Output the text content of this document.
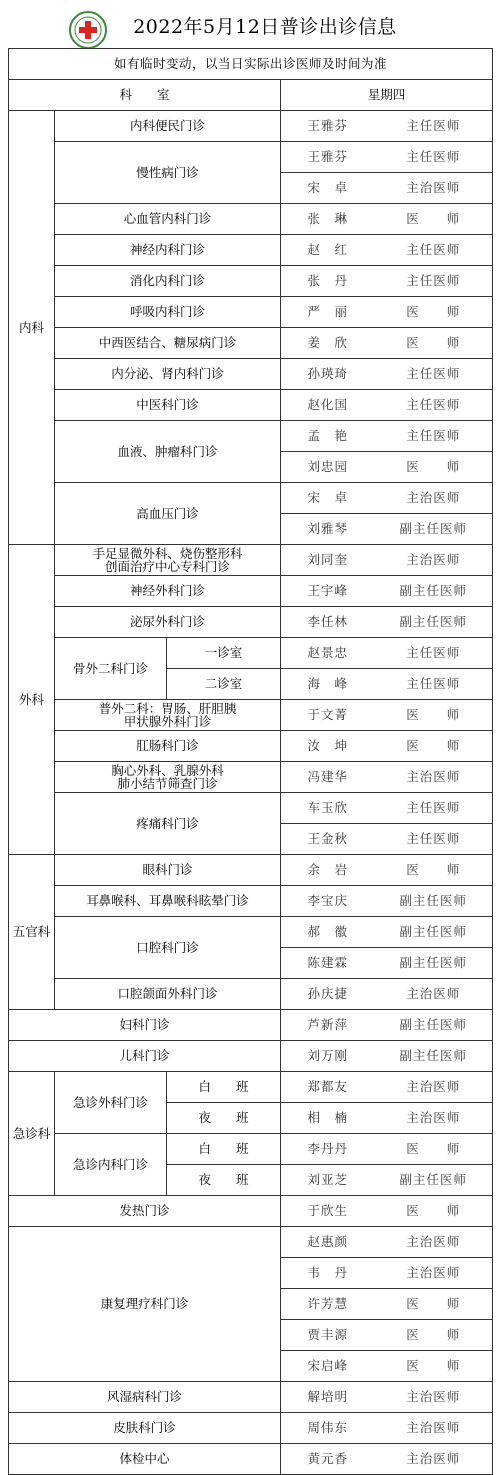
2022年5月12日普诊出诊信息
如有临时变动，以当日实际出诊医师及时间为准				
科　　室			星期四	
内科	内科便民门诊		王雅芬	主任医师
	慢性病门诊		王雅芬	主任医师
			宋　卓	主治医师
	心血管内科门诊		张　琳	医　　师
	神经内科门诊		赵　红	主任医师
	消化内科门诊		张　丹	主任医师
	呼吸内科门诊		严　丽	医　　师
	中西医结合、糖尿病门诊		姜　欣	医　　师
	内分泌、肾内科门诊		孙瑛琦	主任医师
	中医科门诊		赵化国	主任医师
	血液、肿瘤科门诊		孟　艳	主任医师
			刘忠园	医　　师
	高血压门诊		宋　卓	主治医师
			刘雅琴	副主任医师
外科	手足显微外科、烧伤整形科
创面治疗中心专科门诊		刘同奎	主治医师
	神经外科门诊		王宇峰	副主任医师
	泌尿外科门诊		李任林	副主任医师
	骨外二科门诊	一诊室	赵景忠	主任医师
		二诊室	海　峰	主任医师
	普外二科：胃肠、肝胆胰
甲状腺外科门诊		于文菁	医　　师
	肛肠科门诊		汝　坤	医　　师
	胸心外科、乳腺外科
肺小结节筛查门诊		冯建华	主治医师
	疼痛科门诊		车玉欣	主任医师
			王金秋	主任医师
五官科	眼科门诊		余　岩	医　　师
	耳鼻喉科、耳鼻喉科眩晕门诊		李宝庆	副主任医师
	口腔科门诊		郝　徽	副主任医师
			陈建霖	副主任医师
	口腔颌面外科门诊		孙庆捷	主治医师
妇科门诊			芦新萍	副主任医师
儿科门诊			刘万刚	副主任医师
急诊科	急诊外科门诊	白　　班	郑都友	主治医师
		夜　　班	相　楠	主治医师
	急诊内科门诊	白　　班	李丹丹	医　　师
		夜　　班	刘亚芝	副主任医师
发热门诊			于欣生	医　　师
康复理疗科门诊			赵惠颜	主治医师
			韦　丹	主治医师
			许芳慧	医　　师
			贾丰源	医　　师
			宋启峰	医　　师
风湿病科门诊			解培明	主治医师
皮肤科门诊			周伟东	主治医师
体检中心			黄元香	主治医师
